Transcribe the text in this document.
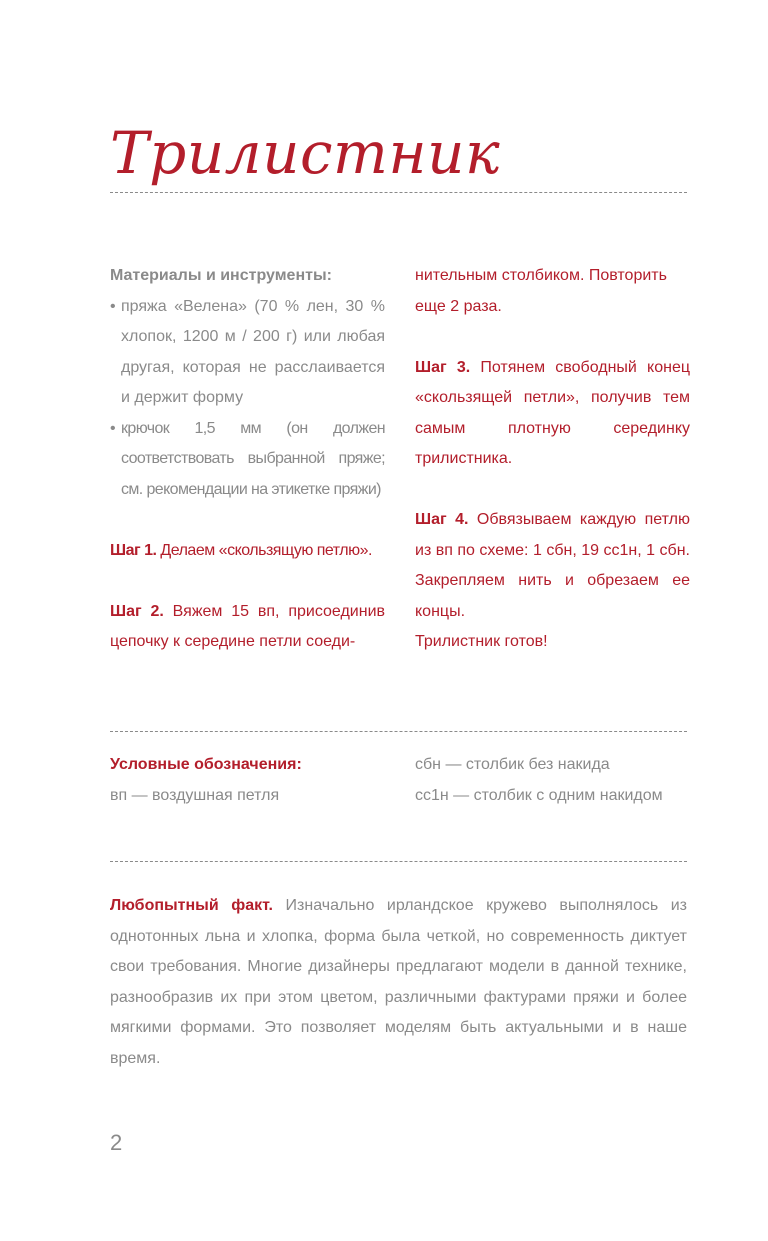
Трилистник
Материалы и инструменты:
• пряжа «Велена» (70 % лен, 30 % хлопок, 1200 м / 200 г) или любая другая, которая не расслаивается и держит форму
• крючок 1,5 мм (он должен соответствовать выбранной пряже; см. рекомендации на этикетке пряжи)
Шаг 1. Делаем «скользящую петлю».
Шаг 2. Вяжем 15 вп, присоединив цепочку к середине петли соеди-
нительным столбиком. Повторить еще 2 раза.
Шаг 3. Потянем свободный конец «скользящей петли», получив тем самым плотную серединку трилистника.
Шаг 4. Обвязываем каждую петлю из вп по схеме: 1 сбн, 19 сс1н, 1 сбн. Закрепляем нить и обрезаем ее концы.
Трилистник готов!
Условные обозначения:
вп — воздушная петля
сбн — столбик без накида
сс1н — столбик с одним накидом
Любопытный факт. Изначально ирландское кружево выполнялось из однотонных льна и хлопка, форма была четкой, но современность диктует свои требования. Многие дизайнеры предлагают модели в данной технике, разнообразив их при этом цветом, различными фактурами пряжи и более мягкими формами. Это позволяет моделям быть актуальными и в наше время.
2
